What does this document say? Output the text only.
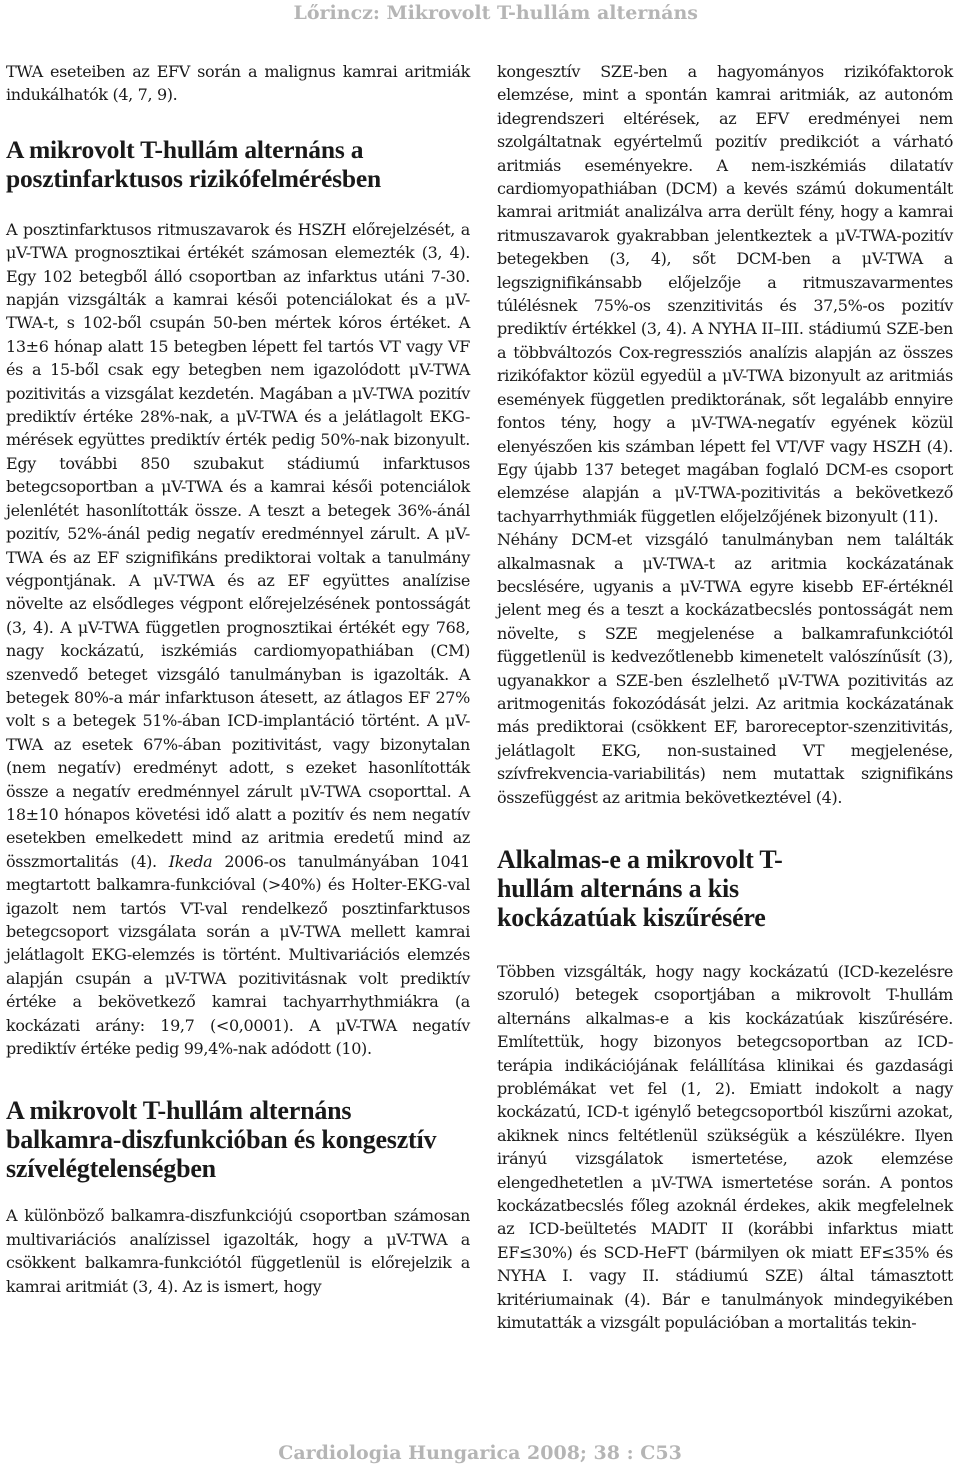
Lőrincz: Mikrovolt T-hullám alternáns

TWA eseteiben az EFV során a malignus kamrai aritmiák indukálhatók (4, 7, 9).

A mikrovolt T-hullám alternáns a posztinfarktusos rizikófelmérésben

A posztinfarktusos ritmuszavarok és HSZH előrejelzését, a μV-TWA prognosztikai értékét számosan elemezték (3, 4). Egy 102 betegből álló csoportban az infarktus utáni 7-30. napján vizsgálták a kamrai késői potenciálokat és a μV-TWA-t, s 102-ből csupán 50-ben mértek kóros értéket. A 13±6 hónap alatt 15 betegben lépett fel tartós VT vagy VF és a 15-ből csak egy betegben nem igazolódott μV-TWA pozitivitás a vizsgálat kezdetén. Magában a μV-TWA pozitív prediktív értéke 28%-nak, a μV-TWA és a jelátlagolt EKG-mérések együttes prediktív érték pedig 50%-nak bizonyult. Egy további 850 szubakut stádiumú infarktusos betegcsoportban a μV-TWA és a kamrai késői potenciálok jelenlétét hasonlították össze. A teszt a betegek 36%-ánál pozitív, 52%-ánál pedig negatív eredménnyel zárult. A μV-TWA és az EF szignifikáns prediktorai voltak a tanulmány végpontjának. A μV-TWA és az EF együttes analízise növelte az elsődleges végpont előrejelzésének pontosságát (3, 4). A μV-TWA független prognosztikai értékét egy 768, nagy kockázatú, iszkémiás cardiomyopathiában (CM) szenvedő beteget vizsgáló tanulmányban is igazolták. A betegek 80%-a már infarktuson átesett, az átlagos EF 27% volt s a betegek 51%-ában ICD-implantáció történt. A μV-TWA az esetek 67%-ában pozitivitást, vagy bizonytalan (nem negatív) eredményt adott, s ezeket hasonlították össze a negatív eredménnyel zárult μV-TWA csoporttal. A 18±10 hónapos követési idő alatt a pozitív és nem negatív esetekben emelkedett mind az aritmia eredetű mind az összmortalitás (4). Ikeda 2006-os tanulmányában 1041 megtartott balkamra-funkcióval (>40%) és Holter-EKG-val igazolt nem tartós VT-val rendelkező posztinfarktusos betegcsoport vizsgálata során a μV-TWA mellett kamrai jelátlagolt EKG-elemzés is történt. Multivariációs elemzés alapján csupán a μV-TWA pozitivitásnak volt prediktív értéke a bekövetkező kamrai tachyarrhythmiákra (a kockázati arány: 19,7 (<0,0001). A μV-TWA negatív prediktív értéke pedig 99,4%-nak adódott (10).

A mikrovolt T-hullám alternáns balkamra-diszfunkcióban és kongesztív szívelégtelenségben

A különböző balkamra-diszfunkciójú csoportban számosan multivariációs analízissel igazolták, hogy a μV-TWA a csökkent balkamra-funkciótól függetlenül is előrejelzik a kamrai aritmiát (3, 4). Az is ismert, hogy

kongesztív SZE-ben a hagyományos rizikófaktorok elemzése, mint a spontán kamrai aritmiák, az autonóm idegrendszeri eltérések, az EFV eredményei nem szolgáltatnak egyértelmű pozitív predikciót a várható aritmiás eseményekre. A nem-iszkémiás dilatatív cardiomyopathiában (DCM) a kevés számú dokumentált kamrai aritmiát analizálva arra derült fény, hogy a kamrai ritmuszavarok gyakrabban jelentkeztek a μV-TWA-pozitív betegekben (3, 4), sőt DCM-ben a μV-TWA a legszignifikánsabb előjelzője a ritmuszavarmentes túlélésnek 75%-os szenzitivitás és 37,5%-os pozitív prediktív értékkel (3, 4). A NYHA II–III. stádiumú SZE-ben a többváltozós Cox-regressziós analízis alapján az összes rizikófaktor közül egyedül a μV-TWA bizonyult az aritmiás események független prediktorának, sőt legalább ennyire fontos tény, hogy a μV-TWA-negatív egyének közül elenyészően kis számban lépett fel VT/VF vagy HSZH (4). Egy újabb 137 beteget magában foglaló DCM-es csoport elemzése alapján a μV-TWA-pozitivitás a bekövetkező tachyarrhythmiák független előjelzőjének bizonyult (11).

Néhány DCM-et vizsgáló tanulmányban nem találták alkalmasnak a μV-TWA-t az aritmia kockázatának becslésére, ugyanis a μV-TWA egyre kisebb EF-értéknél jelent meg és a teszt a kockázatbecslés pontosságát nem növelte, s SZE megjelenése a balkamrafunkciótól függetlenül is kedvezőtlenebb kimenetelt valószínűsít (3), ugyanakkor a SZE-ben észlelhető μV-TWA pozitivitás az aritmogenitás fokozódását jelzi. Az aritmia kockázatának más prediktorai (csökkent EF, baroreceptor-szenzitivitás, jelátlagolt EKG, non-sustained VT megjelenése, szívfrekvencia-variabilitás) nem mutattak szignifikáns összefüggést az aritmia bekövetkeztével (4).

Alkalmas-e a mikrovolt T-hullám alternáns a kis kockázatúak kiszűrésére

Többen vizsgálták, hogy nagy kockázatú (ICD-kezelésre szoruló) betegek csoportjában a mikrovolt T-hullám alternáns alkalmas-e a kis kockázatúak kiszűrésére. Említettük, hogy bizonyos betegcsoportban az ICD-terápia indikációjának felállítása klinikai és gazdasági problémákat vet fel (1, 2). Emiatt indokolt a nagy kockázatú, ICD-t igénylő betegcsoportból kiszűrni azokat, akiknek nincs feltétlenül szükségük a készülékre. Ilyen irányú vizsgálatok ismertetése, azok elemzése elengedhetetlen a μV-TWA ismertetése során. A pontos kockázatbecslés főleg azoknál érdekes, akik megfelelnek az ICD-beültetés MADIT II (korábbi infarktus miatt EF≤30%) és SCD-HeFT (bármilyen ok miatt EF≤35% és NYHA I. vagy II. stádiumú SZE) által támasztott kritériumainak (4). Bár e tanulmányok mindegyikében kimutatták a vizsgált populációban a mortalitás tekin-

Cardiologia Hungarica 2008; 38 : C53
